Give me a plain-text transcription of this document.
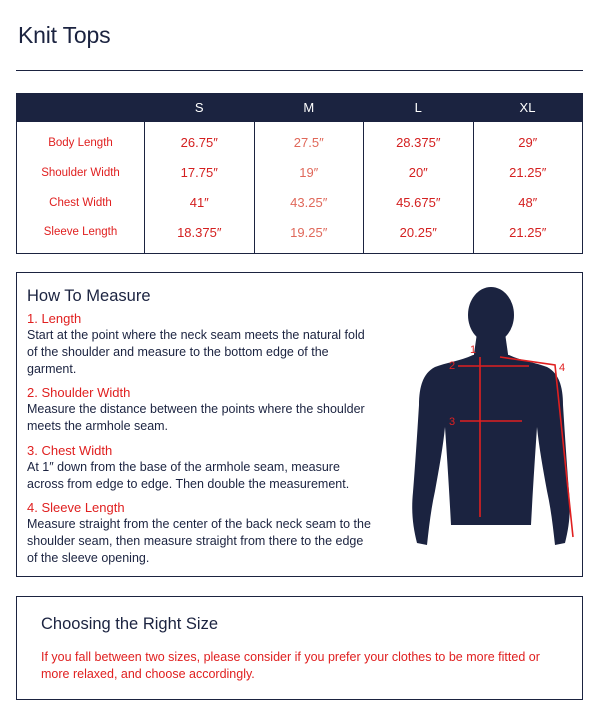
Knit Tops
	S	M	L	XL
Body Length	26.75″	27.5″	28.375″	29″
Shoulder Width	17.75″	19″	20″	21.25″
Chest Width	41″	43.25″	45.675″	48″
Sleeve Length	18.375″	19.25″	20.25″	21.25″
How To Measure
1. Length
Start at the point where the neck seam meets the natural fold of the shoulder and measure to the bottom edge of the garment.
2. Shoulder Width
Measure the distance between the points where the shoulder meets the armhole seam.
3. Chest Width
At 1″ down from the base of the armhole seam, measure across from edge to edge. Then double the measurement.
4. Sleeve Length
Measure straight from the center of the back neck seam to the shoulder seam, then measure straight from there to the edge of the sleeve opening.
1
2
3
4
Choosing the Right Size
If you fall between two sizes, please consider if you prefer your clothes to be more fitted or more relaxed, and choose accordingly.
